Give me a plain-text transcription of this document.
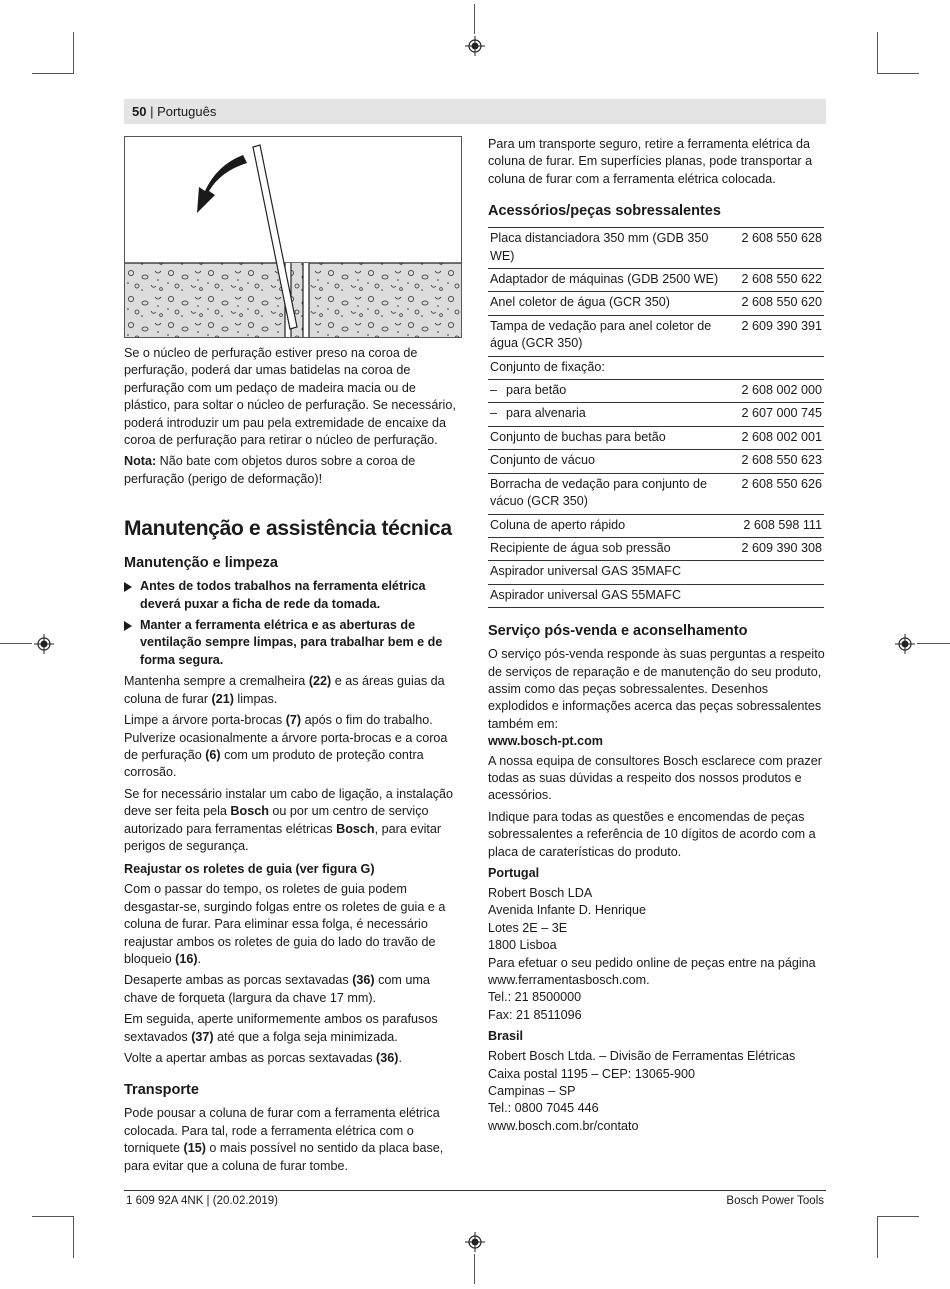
50 | Português

Se o núcleo de perfuração estiver preso na coroa de perfuração, poderá dar umas batidelas na coroa de perfuração com um pedaço de madeira macia ou de plástico, para soltar o núcleo de perfuração. Se necessário, poderá introduzir um pau pela extremidade de encaixe da coroa de perfuração para retirar o núcleo de perfuração.

Nota: Não bate com objetos duros sobre a coroa de perfuração (perigo de deformação)!

Manutenção e assistência técnica
Manutenção e limpeza
Antes de todos trabalhos na ferramenta elétrica deverá puxar a ficha de rede da tomada.
Manter a ferramenta elétrica e as aberturas de ventilação sempre limpas, para trabalhar bem e de forma segura.

Mantenha sempre a cremalheira (22) e as áreas guias da coluna de furar (21) limpas.

Limpe a árvore porta-brocas (7) após o fim do trabalho. Pulverize ocasionalmente a árvore porta-brocas e a coroa de perfuração (6) com um produto de proteção contra corrosão.

Se for necessário instalar um cabo de ligação, a instalação deve ser feita pela Bosch ou por um centro de serviço autorizado para ferramentas elétricas Bosch, para evitar perigos de segurança.

Reajustar os roletes de guia (ver figura G)

Com o passar do tempo, os roletes de guia podem desgastar-se, surgindo folgas entre os roletes de guia e a coluna de furar. Para eliminar essa folga, é necessário reajustar ambos os roletes de guia do lado do travão de bloqueio (16).

Desaperte ambas as porcas sextavadas (36) com uma chave de forqueta (largura da chave 17 mm).

Em seguida, aperte uniformemente ambos os parafusos sextavados (37) até que a folga seja minimizada.

Volte a apertar ambas as porcas sextavadas (36).

Transporte

Pode pousar a coluna de furar com a ferramenta elétrica colocada. Para tal, rode a ferramenta elétrica com o torniquete (15) o mais possível no sentido da placa base, para evitar que a coluna de furar tombe.

Para um transporte seguro, retire a ferramenta elétrica da coluna de furar. Em superfícies planas, pode transportar a coluna de furar com a ferramenta elétrica colocada.

Acessórios/peças sobressalentes
Placa distanciadora 350 mm (GDB 350 WE)	2 608 550 628
Adaptador de máquinas (GDB 2500 WE)	2 608 550 622
Anel coletor de água (GCR 350)	2 608 550 620
Tampa de vedação para anel coletor de água (GCR 350)	2 609 390 391
Conjunto de fixação:	
– para betão	2 608 002 000
– para alvenaria	2 607 000 745
Conjunto de buchas para betão	2 608 002 001
Conjunto de vácuo	2 608 550 623
Borracha de vedação para conjunto de vácuo (GCR 350)	2 608 550 626
Coluna de aperto rápido	2 608 598 111
Recipiente de água sob pressão	2 609 390 308
Aspirador universal GAS 35MAFC	
Aspirador universal GAS 55MAFC	
Serviço pós-venda e aconselhamento

O serviço pós-venda responde às suas perguntas a respeito de serviços de reparação e de manutenção do seu produto, assim como das peças sobressalentes. Desenhos explodidos e informações acerca das peças sobressalentes também em:

www.bosch-pt.com

A nossa equipa de consultores Bosch esclarece com prazer todas as suas dúvidas a respeito dos nossos produtos e acessórios.

Indique para todas as questões e encomendas de peças sobressalentes a referência de 10 dígitos de acordo com a placa de caraterísticas do produto.

Portugal

Robert Bosch LDA

Avenida Infante D. Henrique

Lotes 2E – 3E

1800 Lisboa

Para efetuar o seu pedido online de peças entre na página www.ferramentasbosch.com.

Tel.: 21 8500000

Fax: 21 8511096

Brasil

Robert Bosch Ltda. – Divisão de Ferramentas Elétricas

Caixa postal 1195 – CEP: 13065-900

Campinas – SP

Tel.: 0800 7045 446

www.bosch.com.br/contato

1 609 92A 4NK | (20.02.2019)	Bosch Power Tools
